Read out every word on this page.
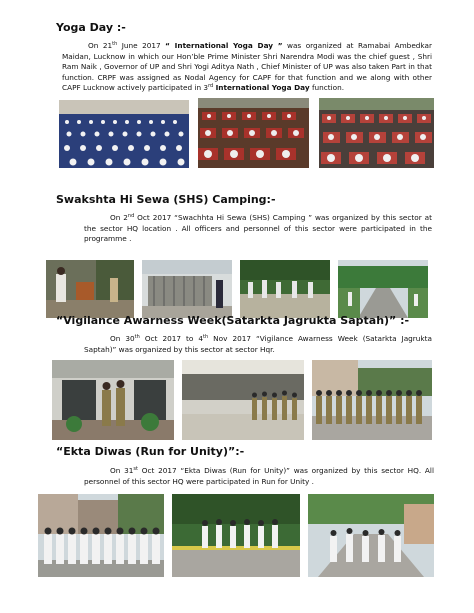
Yoga Day :-

On 21th June 2017 “ International Yoga Day ” was organized at Ramabai Ambedkar Maidan, Lucknow in which our Hon’ble Prime Minister Shri Narendra Modi was the chief guest , Shri Ram Naik , Governor of UP and Shri Yogi Aditya Nath , Chief Minister of UP was also taken Part in that function. CRPF was assigned as Nodal Agency for CAPF for that function and we along with other CAPF Lucknow actively participated in 3rd International Yoga Day function.

Swakshta Hi Sewa (SHS) Camping:-

On 2nd Oct 2017 “Swachhta Hi Sewa (SHS) Camping ” was organized by this sector at the sector HQ location . All officers and personnel of this sector were participated in the programme .

“Vigilance Awarness Week(Satarkta Jagrukta Saptah)” :-

On 30th Oct 2017 to 4th Nov 2017 “Vigilance Awarness Week (Satarkta Jagrukta Saptah)” was organized by this sector at sector Hqr.

“Ekta Diwas (Run for Unity)”:-

On 31st Oct 2017 “Ekta Diwas (Run for Unity)” was organized by this sector HQ. All personnel of this sector HQ were participated in Run for Unity .
